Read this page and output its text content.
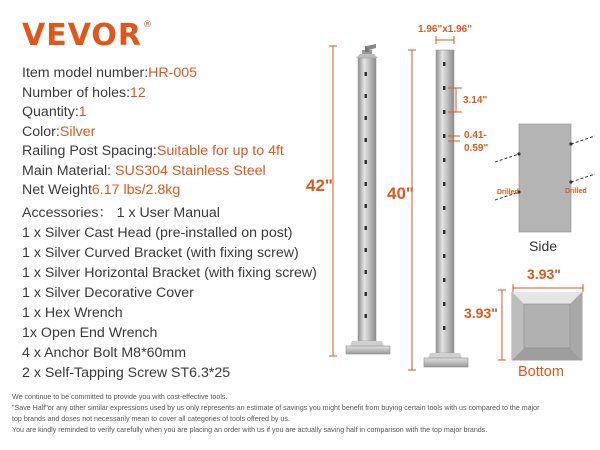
VEVOR®
Item model number:HR-005
Number of holes:12
Quantity:1
Color:Silver
Railing Post Spacing:Suitable for up to 4ft
Main Material: SUS304 Stainless Steel
Net Weight6.17 lbs/2.8kg
Accessories： 1 x User Manual
1 x Silver Cast Head (pre-installed on post)
1 x Silver Curved Bracket (with fixing screw)
1 x Silver Horizontal Bracket (with fixing screw)
1 x Silver Decorative Cover
1 x Hex Wrench
1x Open End Wrench
4 x Anchor Bolt M8*60mm
2 x Self-Tapping Screw ST6.3*25
1.96"x1.96"
42"	40"
3.14"
0.41-
0.59"
3.93"
3.93"
Drilled	Drilled
Side
Bottom
We continue to be committed to provide you with cost-effective tools.
"Save Half"or any other similar expressions used by us only represents an estimate of savings you might benefit from buying certain tools with us compared to the major
top brands and doses not necessarily mean to cover all categories of tools offered by us.
You are kindly reminded to verify carefully when you are placing an order with us if you are actually saving half in comparison with the top major brands.
